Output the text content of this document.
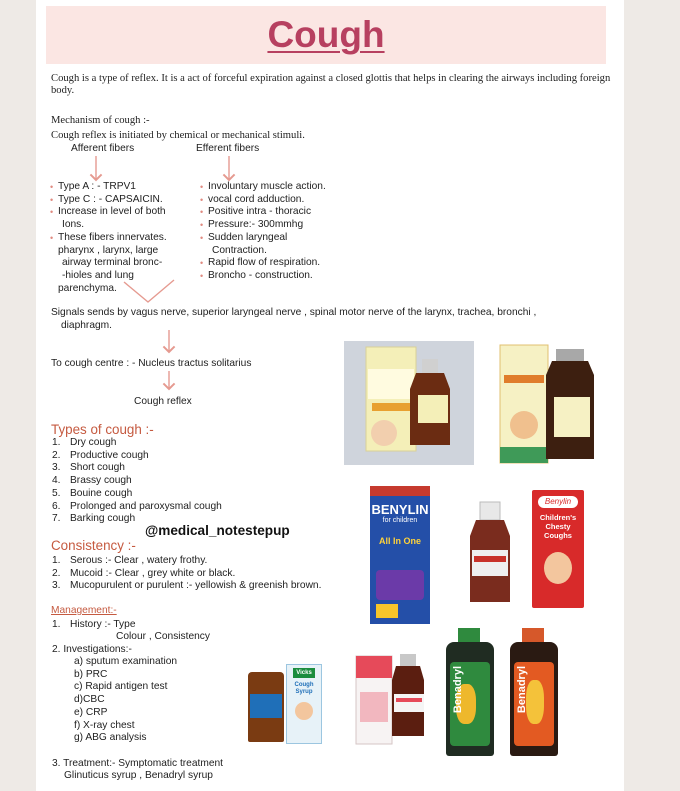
Cough
Cough is a type of reflex. It is a act of forceful expiration against a closed glottis that helps in clearing the airways including foreign body.
Mechanism of cough :-
Cough reflex is initiated by chemical or mechanical stimuli.
Afferent fibers	Efferent fibers
• Type A : - TRPV1
• Type C : - CAPSAICIN.
• Increase in level of both
Ions.
• These fibers innervates.
pharynx , larynx, large
airway terminal bronc-
-hioles and lung
parenchyma.
• Involuntary muscle action.
• vocal cord adduction.
• Positive intra - thoracic
• Pressure:- 300mmhg
• Sudden laryngeal
Contraction.
• Rapid flow of respiration.
• Broncho - construction.
Signals sends by vagus nerve, superior laryngeal nerve , spinal motor nerve of the larynx, trachea, bronchi ,
diaphragm.
To cough centre : - Nucleus tractus solitarius
Cough reflex
Types of cough :-
1. Dry cough
2. Productive cough
3. Short cough
4. Brassy cough
5. Bouine cough
6. Prolonged and paroxysmal cough
7. Barking cough
@medical_notestepup
Consistency :-
1. Serous :- Clear , watery frothy.
2. Mucoid :- Clear , grey white or black.
3. Mucopurulent or purulent :- yellowish & greenish brown.
Management:-
1. History :- Type
Colour , Consistency
2. Investigations:-
a) sputum examination
b) PRC
c) Rapid antigen test
d)CBC
e) CRP
f) X-ray chest
g) ABG analysis
3. Treatment:- Symptomatic treatment
Glinuticus syrup , Benadryl syrup
BENYLIN
for children
All In One
Benylin
Children's Chesty Coughs
Vicks
Cough Syrup	Benadryl	Benadryl
